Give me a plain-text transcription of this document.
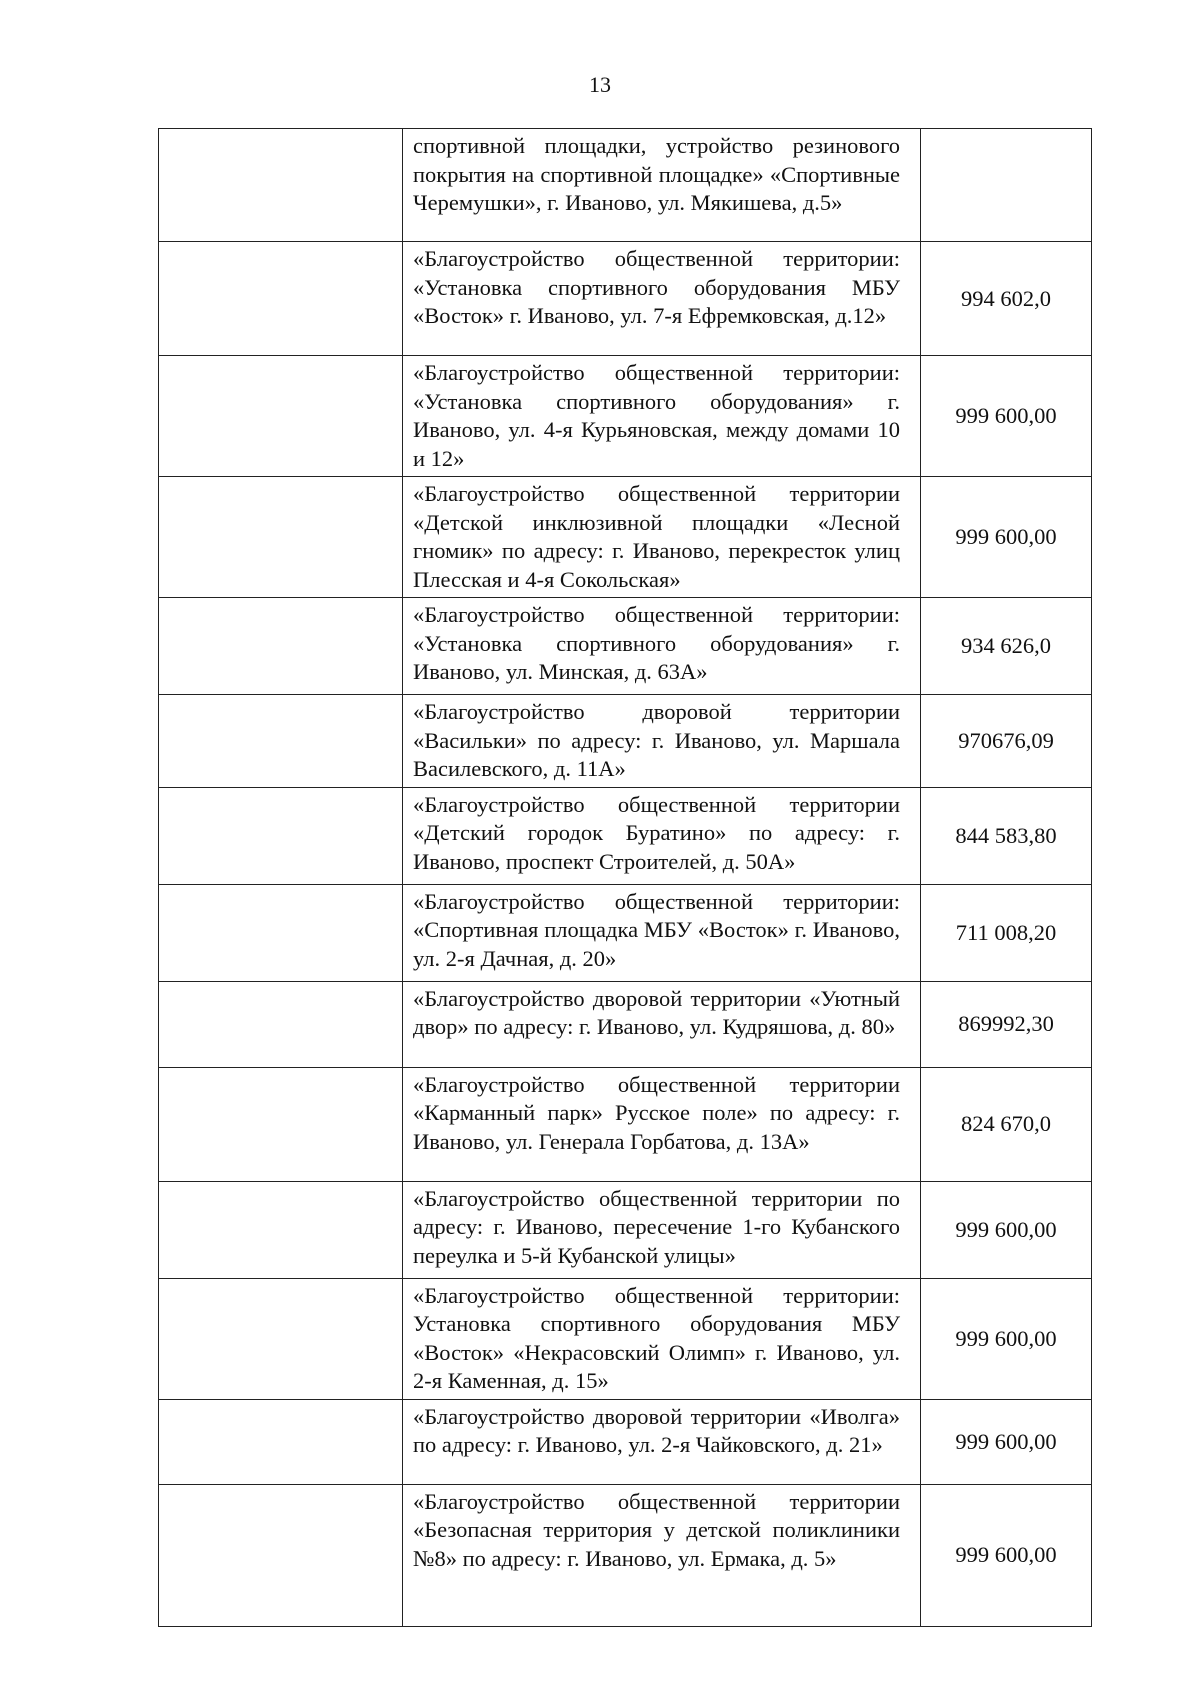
13
	спортивной площадки, устройство резинового покрытия на спортивной площадке» «Спортивные Черемушки», г. Иваново, ул. Мякишева, д.5»	
	«Благоустройство общественной территории: «Установка спортивного оборудования МБУ «Восток» г. Иваново, ул. 7-я Ефремковская, д.12»	994 602,0
	«Благоустройство общественной территории: «Установка спортивного оборудования» г. Иваново, ул. 4-я Курьяновская, между домами 10 и 12»	999 600,00
	«Благоустройство общественной территории «Детской инклюзивной площадки «Лесной гномик» по адресу: г. Иваново, перекресток улиц Плесская и 4-я Сокольская»	999 600,00
	«Благоустройство общественной территории: «Установка спортивного оборудования» г. Иваново, ул. Минская, д. 63А»	934 626,0
	«Благоустройство дворовой территории «Васильки» по адресу: г. Иваново, ул. Маршала Василевского, д. 11А»	970676,09
	«Благоустройство общественной территории «Детский городок Буратино» по адресу: г. Иваново, проспект Строителей, д. 50А»	844 583,80
	«Благоустройство общественной территории: «Спортивная площадка МБУ «Восток» г. Иваново, ул. 2-я Дачная, д. 20»	711 008,20
	«Благоустройство дворовой территории «Уютный двор» по адресу: г. Иваново, ул. Кудряшова, д. 80»	869992,30
	«Благоустройство общественной территории «Карманный парк» Русское поле» по адресу: г. Иваново, ул. Генерала Горбатова, д. 13А»	824 670,0
	«Благоустройство общественной территории по адресу: г. Иваново, пересечение 1-го Кубанского переулка и 5-й Кубанской улицы»	999 600,00
	«Благоустройство общественной территории: Установка спортивного оборудования МБУ «Восток» «Некрасовский Олимп» г. Иваново, ул. 2-я Каменная, д. 15»	999 600,00
	«Благоустройство дворовой территории «Иволга» по адресу: г. Иваново, ул. 2-я Чайковского, д. 21»	999 600,00
	«Благоустройство общественной территории «Безопасная территория у детской поликлиники №8» по адресу: г. Иваново, ул. Ермака, д. 5»	999 600,00
